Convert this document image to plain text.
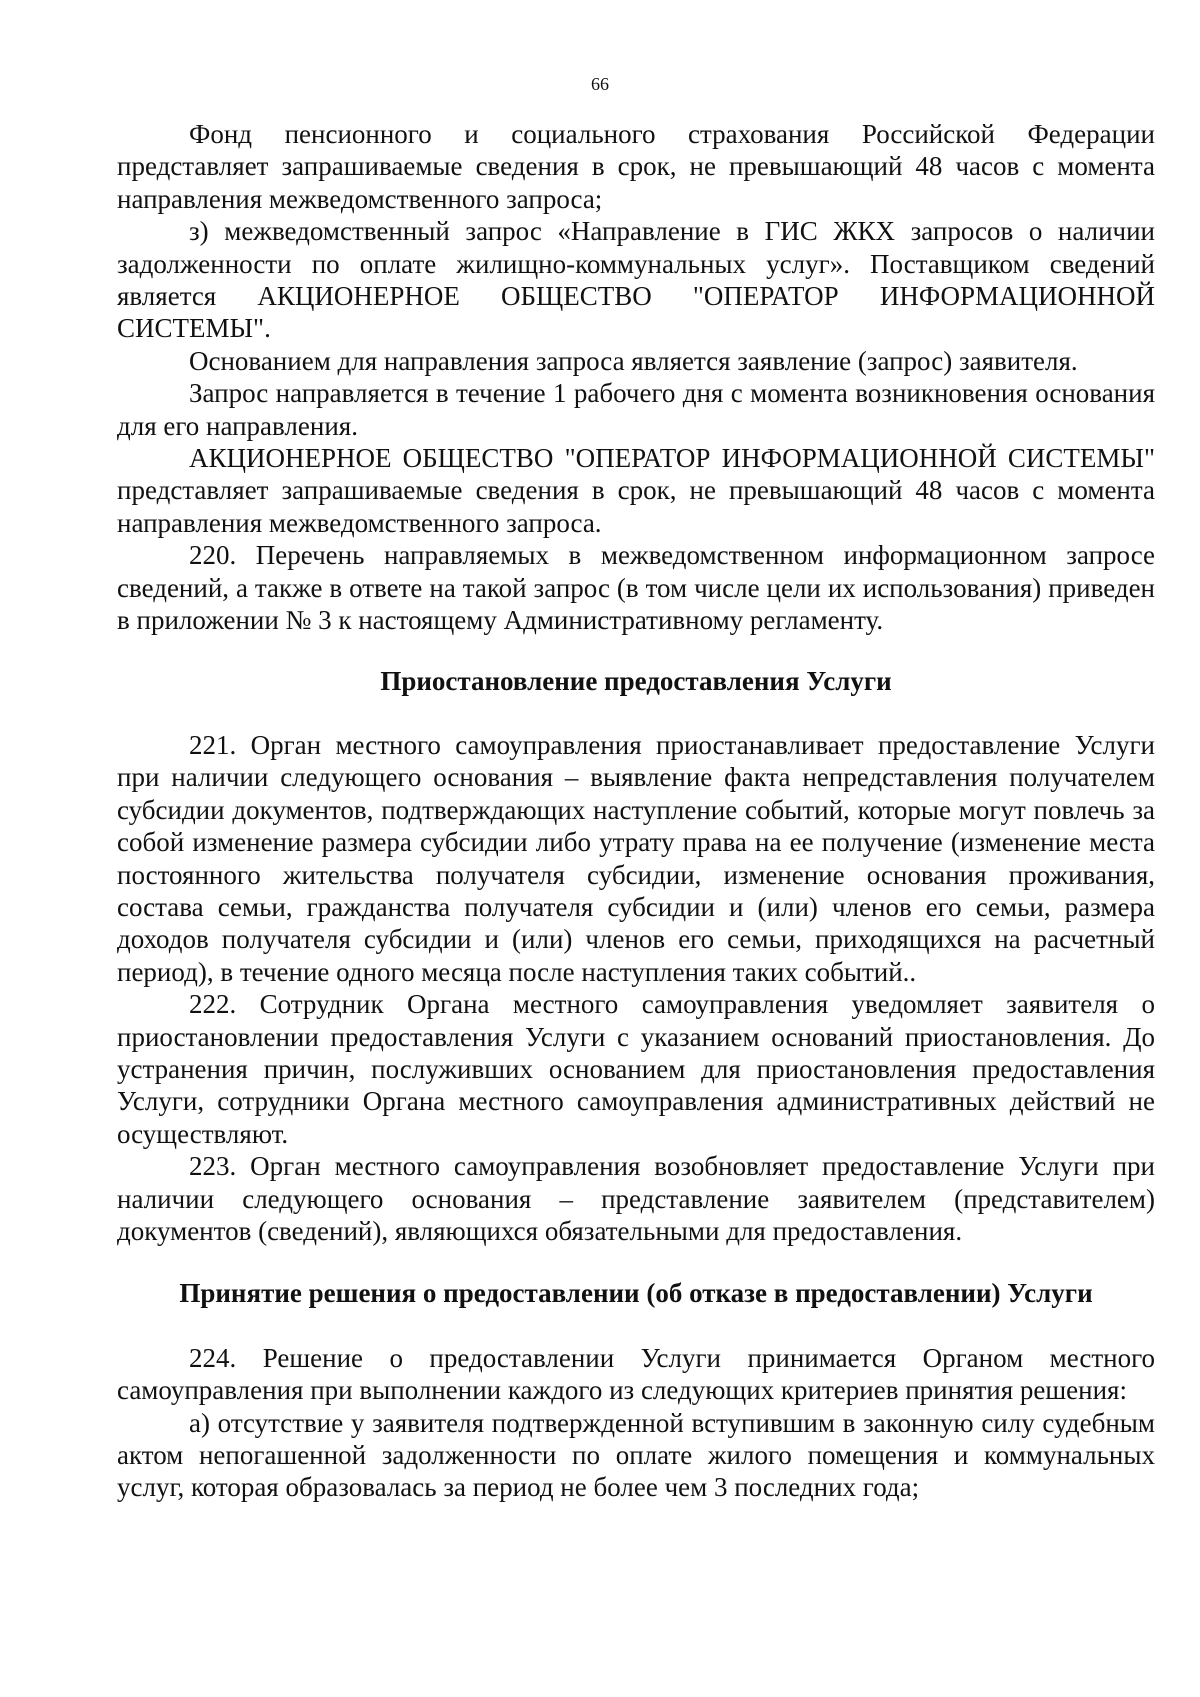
66

Фонд пенсионного и социального страхования Российской Федерации представляет запрашиваемые сведения в срок, не превышающий 48 часов с момента направления межведомственного запроса;

з) межведомственный запрос «Направление в ГИС ЖКХ запросов о наличии задолженности по оплате жилищно-коммунальных услуг». Поставщиком сведений является АКЦИОНЕРНОЕ ОБЩЕСТВО "ОПЕРАТОР ИНФОРМАЦИОННОЙ СИСТЕМЫ".

Основанием для направления запроса является заявление (запрос) заявителя.

Запрос направляется в течение 1 рабочего дня с момента возникновения основания для его направления.

АКЦИОНЕРНОЕ ОБЩЕСТВО "ОПЕРАТОР ИНФОРМАЦИОННОЙ СИСТЕМЫ" представляет запрашиваемые сведения в срок, не превышающий 48 часов с момента направления межведомственного запроса.

220. Перечень направляемых в межведомственном информационном запросе сведений, а также в ответе на такой запрос (в том числе цели их использования) приведен в приложении № 3 к настоящему Административному регламенту.

Приостановление предоставления Услуги

221. Орган местного самоуправления приостанавливает предоставление Услуги при наличии следующего основания – выявление факта непредставления получателем субсидии документов, подтверждающих наступление событий, которые могут повлечь за собой изменение размера субсидии либо утрату права на ее получение (изменение места постоянного жительства получателя субсидии, изменение основания проживания, состава семьи, гражданства получателя субсидии и (или) членов его семьи, размера доходов получателя субсидии и (или) членов его семьи, приходящихся на расчетный период), в течение одного месяца после наступления таких событий..

222. Сотрудник Органа местного самоуправления уведомляет заявителя о приостановлении предоставления Услуги с указанием оснований приостановления. До устранения причин, послуживших основанием для приостановления предоставления Услуги, сотрудники Органа местного самоуправления административных действий не осуществляют.

223. Орган местного самоуправления возобновляет предоставление Услуги при наличии следующего основания – представление заявителем (представителем) документов (сведений), являющихся обязательными для предоставления.

Принятие решения о предоставлении (об отказе в предоставлении) Услуги

224. Решение о предоставлении Услуги принимается Органом местного самоуправления при выполнении каждого из следующих критериев принятия решения:

а) отсутствие у заявителя подтвержденной вступившим в законную силу судебным актом непогашенной задолженности по оплате жилого помещения и коммунальных услуг, которая образовалась за период не более чем 3 последних года;
